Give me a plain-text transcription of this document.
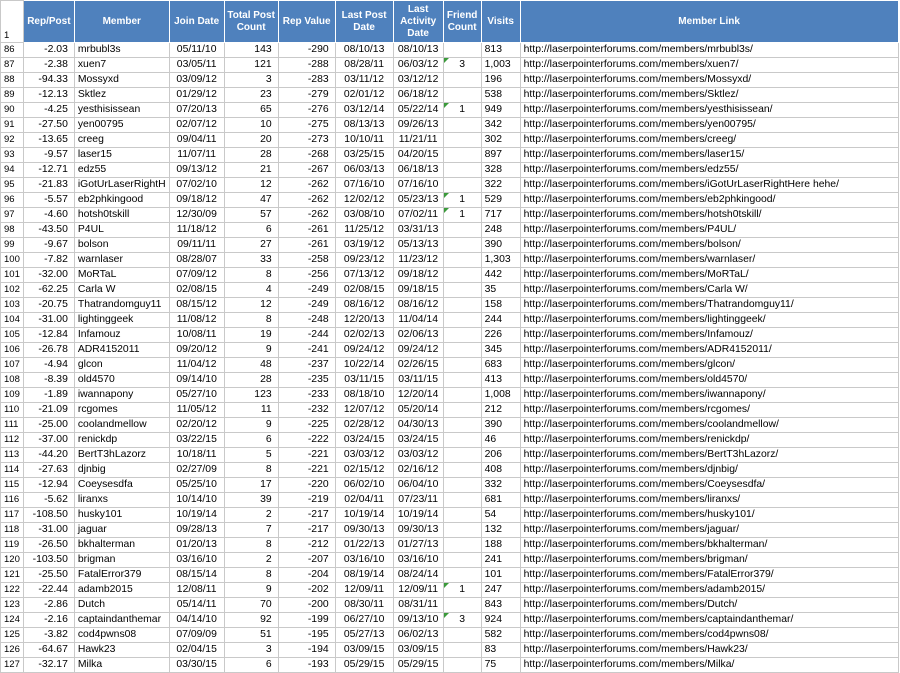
1	Rep/Post	Member	Join Date	Total Post Count	Rep Value	Last Post Date	Last Activity Date	Friend Count	Visits	Member Link
86	-2.03	mrbubl3s	05/11/10	143	-290	08/10/13	08/10/13		813	http://laserpointerforums.com/members/mrbubl3s/
87	-2.38	xuen7	03/05/11	121	-288	08/28/11	06/03/12	3	1,003	http://laserpointerforums.com/members/xuen7/
88	-94.33	Mossyxd	03/09/12	3	-283	03/11/12	03/12/12		196	http://laserpointerforums.com/members/Mossyxd/
89	-12.13	Sktlez	01/29/12	23	-279	02/01/12	06/18/12		538	http://laserpointerforums.com/members/Sktlez/
90	-4.25	yesthisissean	07/20/13	65	-276	03/12/14	05/22/14	1	949	http://laserpointerforums.com/members/yesthisissean/
91	-27.50	yen00795	02/07/12	10	-275	08/13/13	09/26/13		342	http://laserpointerforums.com/members/yen00795/
92	-13.65	creeg	09/04/11	20	-273	10/10/11	11/21/11		302	http://laserpointerforums.com/members/creeg/
93	-9.57	laser15	11/07/11	28	-268	03/25/15	04/20/15		897	http://laserpointerforums.com/members/laser15/
94	-12.71	edz55	09/13/12	21	-267	06/03/13	06/18/13		328	http://laserpointerforums.com/members/edz55/
95	-21.83	iGotUrLaserRightH	07/02/10	12	-262	07/16/10	07/16/10		322	http://laserpointerforums.com/members/iGotUrLaserRightHere hehe/
96	-5.57	eb2phkingood	09/18/12	47	-262	12/02/12	05/23/13	1	529	http://laserpointerforums.com/members/eb2phkingood/
97	-4.60	hotsh0tskill	12/30/09	57	-262	03/08/10	07/02/11	1	717	http://laserpointerforums.com/members/hotsh0tskill/
98	-43.50	P4UL	11/18/12	6	-261	11/25/12	03/31/13		248	http://laserpointerforums.com/members/P4UL/
99	-9.67	bolson	09/11/11	27	-261	03/19/12	05/13/13		390	http://laserpointerforums.com/members/bolson/
100	-7.82	warnlaser	08/28/07	33	-258	09/23/12	11/23/12		1,303	http://laserpointerforums.com/members/warnlaser/
101	-32.00	MoRTaL	07/09/12	8	-256	07/13/12	09/18/12		442	http://laserpointerforums.com/members/MoRTaL/
102	-62.25	Carla W	02/08/15	4	-249	02/08/15	09/18/15		35	http://laserpointerforums.com/members/Carla W/
103	-20.75	Thatrandomguy11	08/15/12	12	-249	08/16/12	08/16/12		158	http://laserpointerforums.com/members/Thatrandomguy11/
104	-31.00	lightinggeek	11/08/12	8	-248	12/20/13	11/04/14		244	http://laserpointerforums.com/members/lightinggeek/
105	-12.84	Infamouz	10/08/11	19	-244	02/02/13	02/06/13		226	http://laserpointerforums.com/members/Infamouz/
106	-26.78	ADR4152011	09/20/12	9	-241	09/24/12	09/24/12		345	http://laserpointerforums.com/members/ADR4152011/
107	-4.94	glcon	11/04/12	48	-237	10/22/14	02/26/15		683	http://laserpointerforums.com/members/glcon/
108	-8.39	old4570	09/14/10	28	-235	03/11/15	03/11/15		413	http://laserpointerforums.com/members/old4570/
109	-1.89	iwannapony	05/27/10	123	-233	08/18/10	12/20/14		1,008	http://laserpointerforums.com/members/iwannapony/
110	-21.09	rcgomes	11/05/12	11	-232	12/07/12	05/20/14		212	http://laserpointerforums.com/members/rcgomes/
111	-25.00	coolandmellow	02/20/12	9	-225	02/28/12	04/30/13		390	http://laserpointerforums.com/members/coolandmellow/
112	-37.00	renickdp	03/22/15	6	-222	03/24/15	03/24/15		46	http://laserpointerforums.com/members/renickdp/
113	-44.20	BertT3hLazorz	10/18/11	5	-221	03/03/12	03/03/12		206	http://laserpointerforums.com/members/BertT3hLazorz/
114	-27.63	djnbig	02/27/09	8	-221	02/15/12	02/16/12		408	http://laserpointerforums.com/members/djnbig/
115	-12.94	Coeysesdfa	05/25/10	17	-220	06/02/10	06/04/10		332	http://laserpointerforums.com/members/Coeysesdfa/
116	-5.62	liranxs	10/14/10	39	-219	02/04/11	07/23/11		681	http://laserpointerforums.com/members/liranxs/
117	-108.50	husky101	10/19/14	2	-217	10/19/14	10/19/14		54	http://laserpointerforums.com/members/husky101/
118	-31.00	jaguar	09/28/13	7	-217	09/30/13	09/30/13		132	http://laserpointerforums.com/members/jaguar/
119	-26.50	bkhalterman	01/20/13	8	-212	01/22/13	01/27/13		188	http://laserpointerforums.com/members/bkhalterman/
120	-103.50	brigman	03/16/10	2	-207	03/16/10	03/16/10		241	http://laserpointerforums.com/members/brigman/
121	-25.50	FatalError379	08/15/14	8	-204	08/19/14	08/24/14		101	http://laserpointerforums.com/members/FatalError379/
122	-22.44	adamb2015	12/08/11	9	-202	12/09/11	12/09/11	1	247	http://laserpointerforums.com/members/adamb2015/
123	-2.86	Dutch	05/14/11	70	-200	08/30/11	08/31/11		843	http://laserpointerforums.com/members/Dutch/
124	-2.16	captaindanthemar	04/14/10	92	-199	06/27/10	09/13/10	3	924	http://laserpointerforums.com/members/captaindanthemar/
125	-3.82	cod4pwns08	07/09/09	51	-195	05/27/13	06/02/13		582	http://laserpointerforums.com/members/cod4pwns08/
126	-64.67	Hawk23	02/04/15	3	-194	03/09/15	03/09/15		83	http://laserpointerforums.com/members/Hawk23/
127	-32.17	Milka	03/30/15	6	-193	05/29/15	05/29/15		75	http://laserpointerforums.com/members/Milka/
